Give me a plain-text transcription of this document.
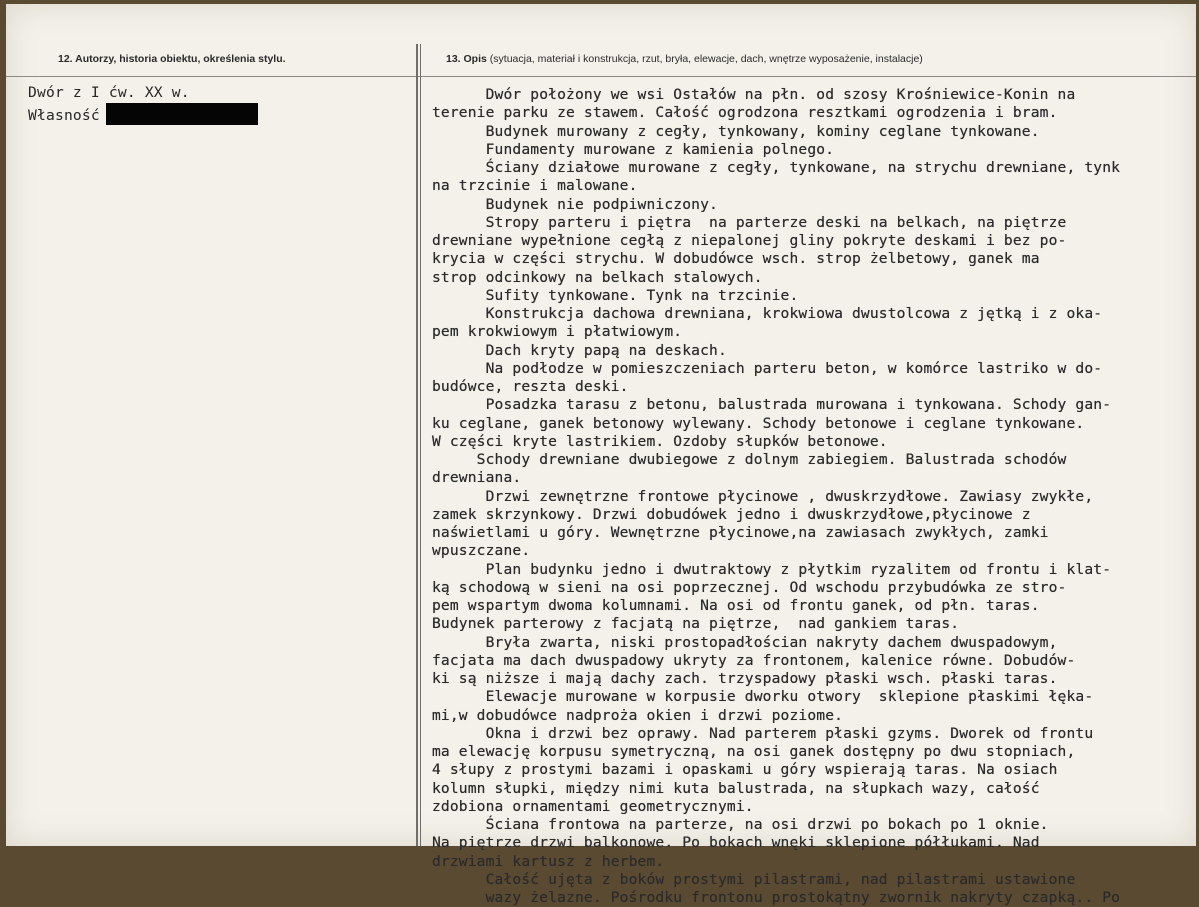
12. Autorzy, historia obiektu, określenia stylu.	13. Opis (sytuacja, materiał i konstrukcja, rzut, bryła, elewacje, dach, wnętrze wyposażenie, instalacje)
Dwór z I ćw. XX w.
Własność
Dwór położony we wsi Ostałów na płn. od szosy Krośniewice-Konin na
terenie parku ze stawem. Całość ogrodzona resztkami ogrodzenia i bram.
Budynek murowany z cegły, tynkowany, kominy ceglane tynkowane.
Fundamenty murowane z kamienia polnego.
Ściany działowe murowane z cegły, tynkowane, na strychu drewniane, tynk
na trzcinie i malowane.
Budynek nie podpiwniczony.
Stropy parteru i piętra  na parterze deski na belkach, na piętrze
drewniane wypełnione cegłą z niepalonej gliny pokryte deskami i bez po-
krycia w części strychu. W dobudówce wsch. strop żelbetowy, ganek ma
strop odcinkowy na belkach stalowych.
Sufity tynkowane. Tynk na trzcinie.
Konstrukcja dachowa drewniana, krokwiowa dwustolcowa z jętką i z oka-
pem krokwiowym i płatwiowym.
Dach kryty papą na deskach.
Na podłodze w pomieszczeniach parteru beton, w komórce lastriko w do-
budówce, reszta deski.
Posadzka tarasu z betonu, balustrada murowana i tynkowana. Schody gan-
ku ceglane, ganek betonowy wylewany. Schody betonowe i ceglane tynkowane.
W części kryte lastrikiem. Ozdoby słupków betonowe.
Schody drewniane dwubiegowe z dolnym zabiegiem. Balustrada schodów
drewniana.
Drzwi zewnętrzne frontowe płycinowe , dwuskrzydłowe. Zawiasy zwykłe,
zamek skrzynkowy. Drzwi dobudówek jedno i dwuskrzydłowe,płycinowe z
naświetlami u góry. Wewnętrzne płycinowe,na zawiasach zwykłych, zamki
wpuszczane.
Plan budynku jedno i dwutraktowy z płytkim ryzalitem od frontu i klat-
ką schodową w sieni na osi poprzecznej. Od wschodu przybudówka ze stro-
pem wspartym dwoma kolumnami. Na osi od frontu ganek, od płn. taras.
Budynek parterowy z facjatą na piętrze,  nad gankiem taras.
Bryła zwarta, niski prostopadłościan nakryty dachem dwuspadowym,
facjata ma dach dwuspadowy ukryty za frontonem, kalenice równe. Dobudów-
ki są niższe i mają dachy zach. trzyspadowy płaski wsch. płaski taras.
Elewacje murowane w korpusie dworku otwory  sklepione płaskimi łęka-
mi,w dobudówce nadproża okien i drzwi poziome.
Okna i drzwi bez oprawy. Nad parterem płaski gzyms. Dworek od frontu
ma elewację korpusu symetryczną, na osi ganek dostępny po dwu stopniach,
4 słupy z prostymi bazami i opaskami u góry wspierają taras. Na osiach
kolumn słupki, między nimi kuta balustrada, na słupkach wazy, całość
zdobiona ornamentami geometrycznymi.
Ściana frontowa na parterze, na osi drzwi po bokach po 1 oknie.
Na piętrze drzwi balkonowe. Po bokach wnęki sklepione półłukami. Nad
drzwiami kartusz z herbem.
Całość ujęta z boków prostymi pilastrami, nad pilastrami ustawione
wazy żelazne. Pośrodku frontonu prostokątny zwornik nakryty czapką.. Po
